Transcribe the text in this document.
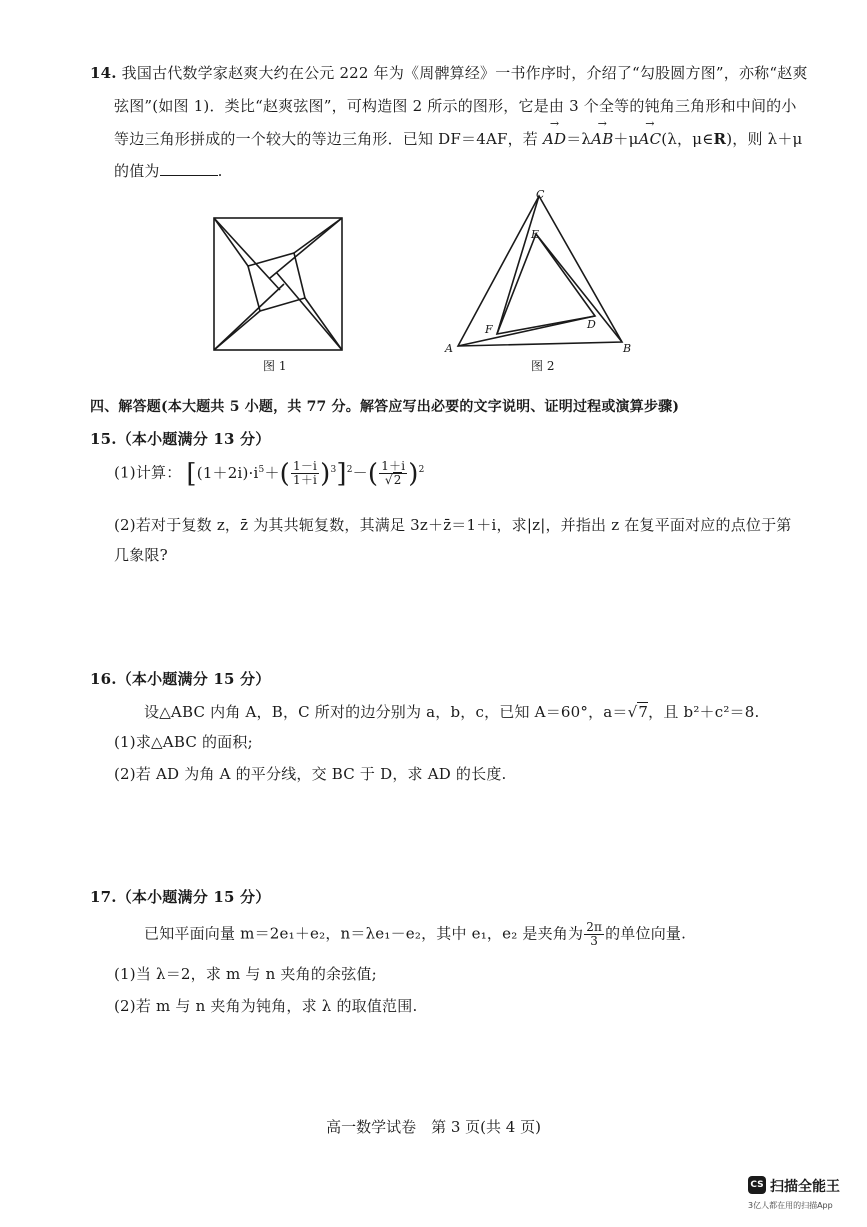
14. 我国古代数学家赵爽大约在公元 222 年为《周髀算经》一书作序时，介绍了“勾股圆方图”，亦称“赵爽
弦图”(如图 1)．类比“赵爽弦图”，可构造图 2 所示的图形，它是由 3 个全等的钝角三角形和中间的小
等边三角形拼成的一个较大的等边三角形．已知 DF＝4AF，若 → AD＝λ→ AB＋μ→ AC(λ，μ∈R)，则 λ＋μ
的值为	.
图 1
A	B
C
D
E
F
图 2
四、解答题(本大题共 5 小题，共 77 分。解答应写出必要的文字说明、证明过程或演算步骤)
15.（本小题满分 13 分）
(1)计算： $[(1+2i)\cdot i^5+( \frac{1-i}{1+i} )^3]^2-( \frac{1+i}{√2} )^2$
(2)若对于复数 z，z̄ 为其共轭复数，其满足 3z＋z̄＝1＋i，求|z|，并指出 z 在复平面对应的点位于第
几象限?
16.（本小题满分 15 分）
设△ABC 内角 A，B，C 所对的边分别为 a，b，c，已知 A＝60°，a＝√7，且 b²＋c²＝8.
(1)求△ABC 的面积;
(2)若 AD 为角 A 的平分线，交 BC 于 D，求 AD 的长度.
17.（本小题满分 15 分）
已知平面向量 m＝2e₁＋e₂，n＝λe₁－e₂，其中 e₁，e₂ 是夹角为 $\frac{2\pi}{3}$ 的单位向量.
(1)当 λ＝2，求 m 与 n 夹角的余弦值;
(2)若 m 与 n 夹角为钝角，求 λ 的取值范围.
高一数学试卷　第 3 页(共 4 页)
CS 扫描全能王
3亿人都在用的扫描App
